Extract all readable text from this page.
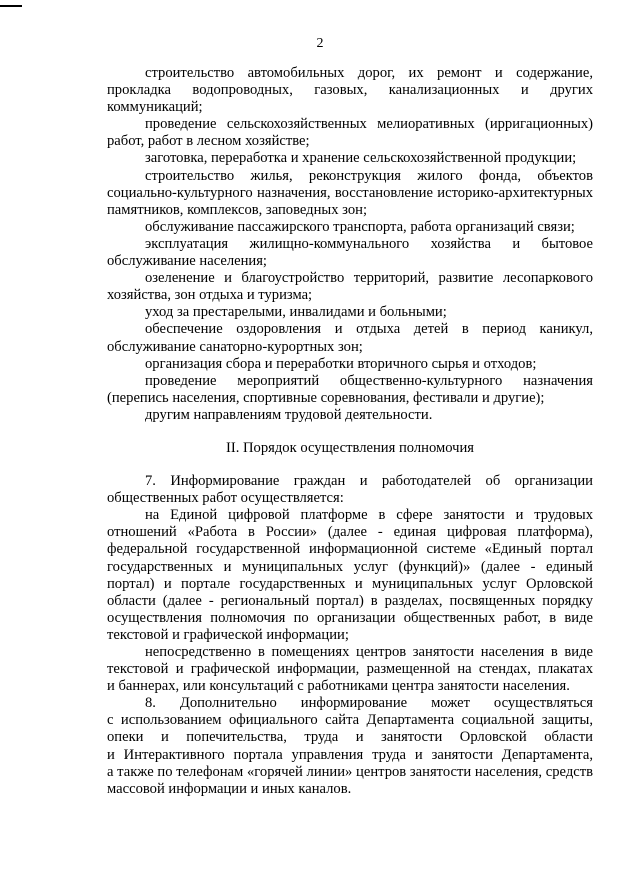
2
строительство автомобильных дорог, их ремонт и содержание,
прокладка водопроводных, газовых, канализационных и других
коммуникаций;
проведение сельскохозяйственных мелиоративных (ирригационных)
работ, работ в лесном хозяйстве;
заготовка, переработка и хранение сельскохозяйственной продукции;
строительство жилья, реконструкция жилого фонда, объектов
социально-культурного назначения, восстановление историко-архитектурных
памятников, комплексов, заповедных зон;
обслуживание пассажирского транспорта, работа организаций связи;
эксплуатация жилищно-коммунального хозяйства и бытовое
обслуживание населения;
озеленение и благоустройство территорий, развитие лесопаркового
хозяйства, зон отдыха и туризма;
уход за престарелыми, инвалидами и больными;
обеспечение оздоровления и отдыха детей в период каникул,
обслуживание санаторно-курортных зон;
организация сбора и переработки вторичного сырья и отходов;
проведение мероприятий общественно-культурного назначения
(перепись населения, спортивные соревнования, фестивали и другие);
другим направлениям трудовой деятельности.
II. Порядок осуществления полномочия
7. Информирование граждан и работодателей об организации
общественных работ осуществляется:
на Единой цифровой платформе в сфере занятости и трудовых
отношений «Работа в России» (далее - единая цифровая платформа),
федеральной государственной информационной системе «Единый портал
государственных и муниципальных услуг (функций)» (далее - единый
портал) и портале государственных и муниципальных услуг Орловской
области (далее - региональный портал) в разделах, посвященных порядку
осуществления полномочия по организации общественных работ, в виде
текстовой и графической информации;
непосредственно в помещениях центров занятости населения в виде
текстовой и графической информации, размещенной на стендах, плакатах
и баннерах, или консультаций с работниками центра занятости населения.
8. Дополнительно информирование может осуществляться
с использованием официального сайта Департамента социальной защиты,
опеки и попечительства, труда и занятости Орловской области
и Интерактивного портала управления труда и занятости Департамента,
а также по телефонам «горячей линии» центров занятости населения, средств
массовой информации и иных каналов.
